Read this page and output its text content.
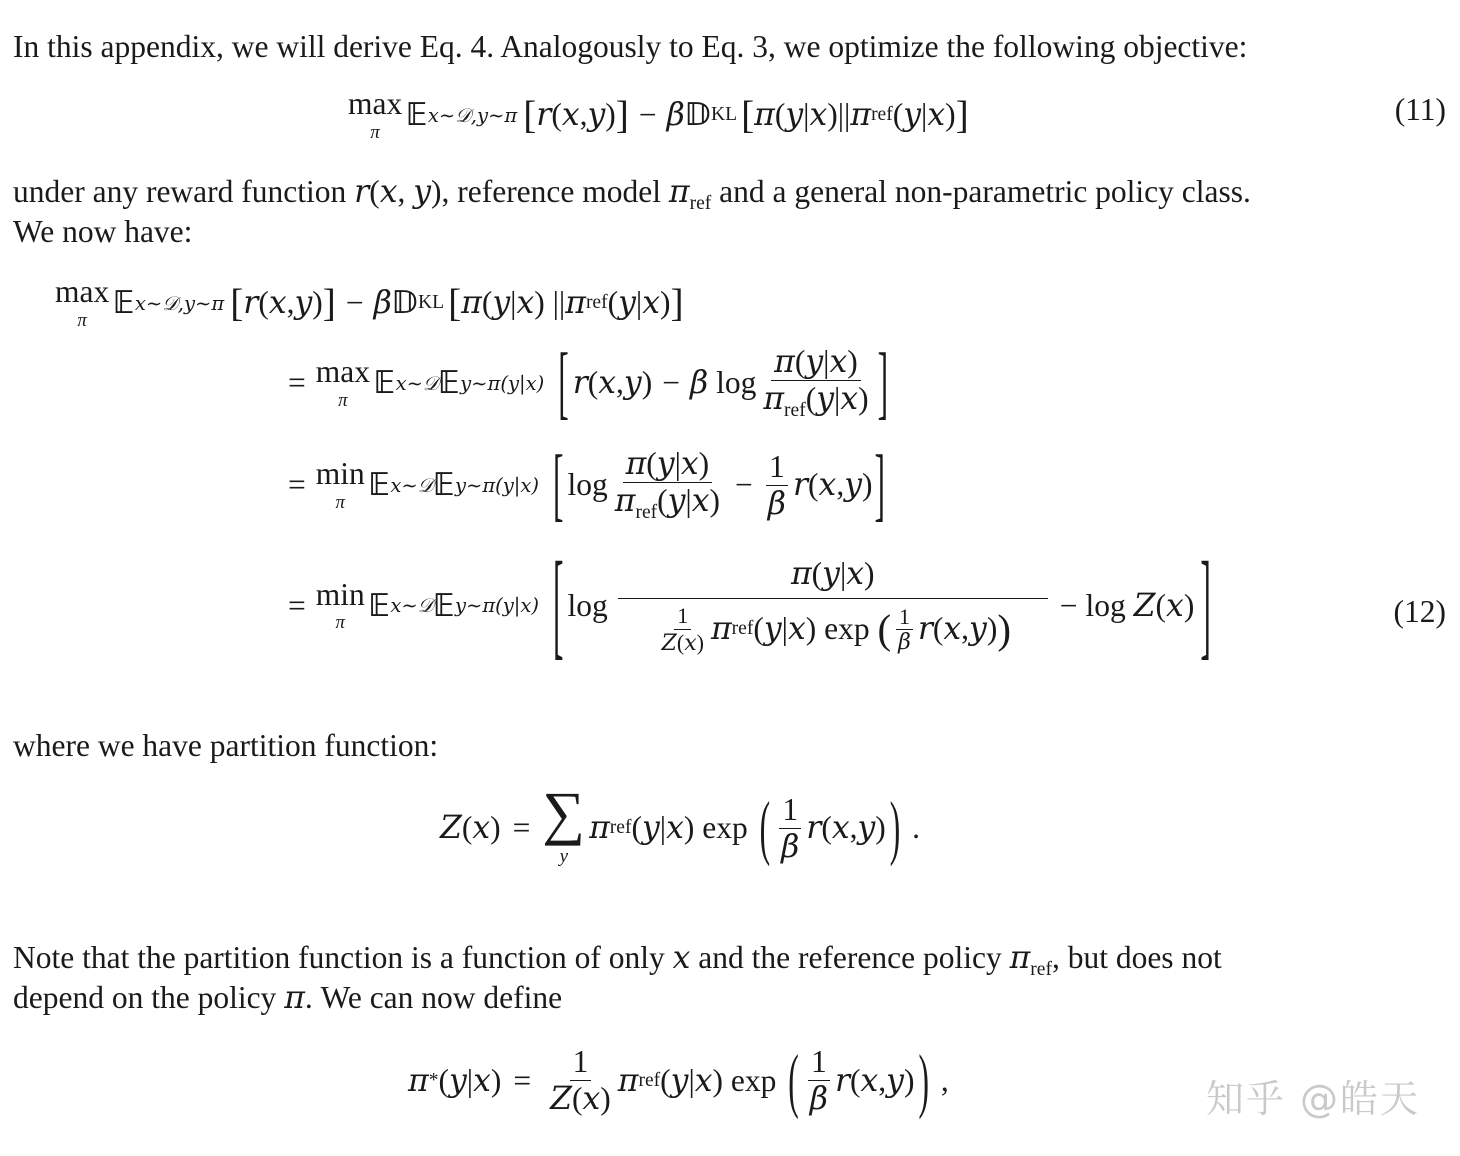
In this appendix, we will derive Eq. 4. Analogously to Eq. 3, we optimize the following objective:
max
π 𝔼 x∼𝒟,y∼π [ r ( x , y ) ] − β 𝔻 KL [ π ( y | x )|| π ref ( y | x ) ]	(11)
under any reward function r(x, y), reference model $\pi_{ref}$ and a general non-parametric policy class.
We now have:
max
π 𝔼 x∼𝒟,y∼π [ r ( x , y ) ] − β 𝔻 KL [ π ( y | x ) || π ref ( y | x ) ]
= max
π 𝔼 x∼𝒟 𝔼 y∼π(y|x) [ r ( x , y ) − β $\log \frac{\pi(y|x)}{\pi_{ref}(y|x)}$ ]
= min
π 𝔼 x∼𝒟 𝔼 y∼π(y|x) [ $\log \frac{\pi(y|x)}{\pi_{ref}(y|x)} - \frac{1}{\beta}$ r ( x , y ) ]
= min
π 𝔼 x∼𝒟 𝔼 y∼π(y|x) [ $\log \frac{\pi(y|x)}{\frac{1}{Z(x)} \pi ref ( y | x ) \exp ( \frac{1}{\beta} r ( x , y ) )} - \log Z$ ( x ) ]	(12)
where we have partition function:
Z ( x ) = ∑
y
π ref ( y | x ) exp ( $\frac{1}{\beta}$ r ( x , y ) ) .
Note that the partition function is a function of only x and the reference policy $\pi_{ref}$, but does not
depend on the policy π. We can now define
π * ( y | x ) = $\frac{1}{Z(x)}$ π ref ( y | x ) exp ( $\frac{1}{\beta}$ r ( x , y ) ) ,	知乎 @皓天
